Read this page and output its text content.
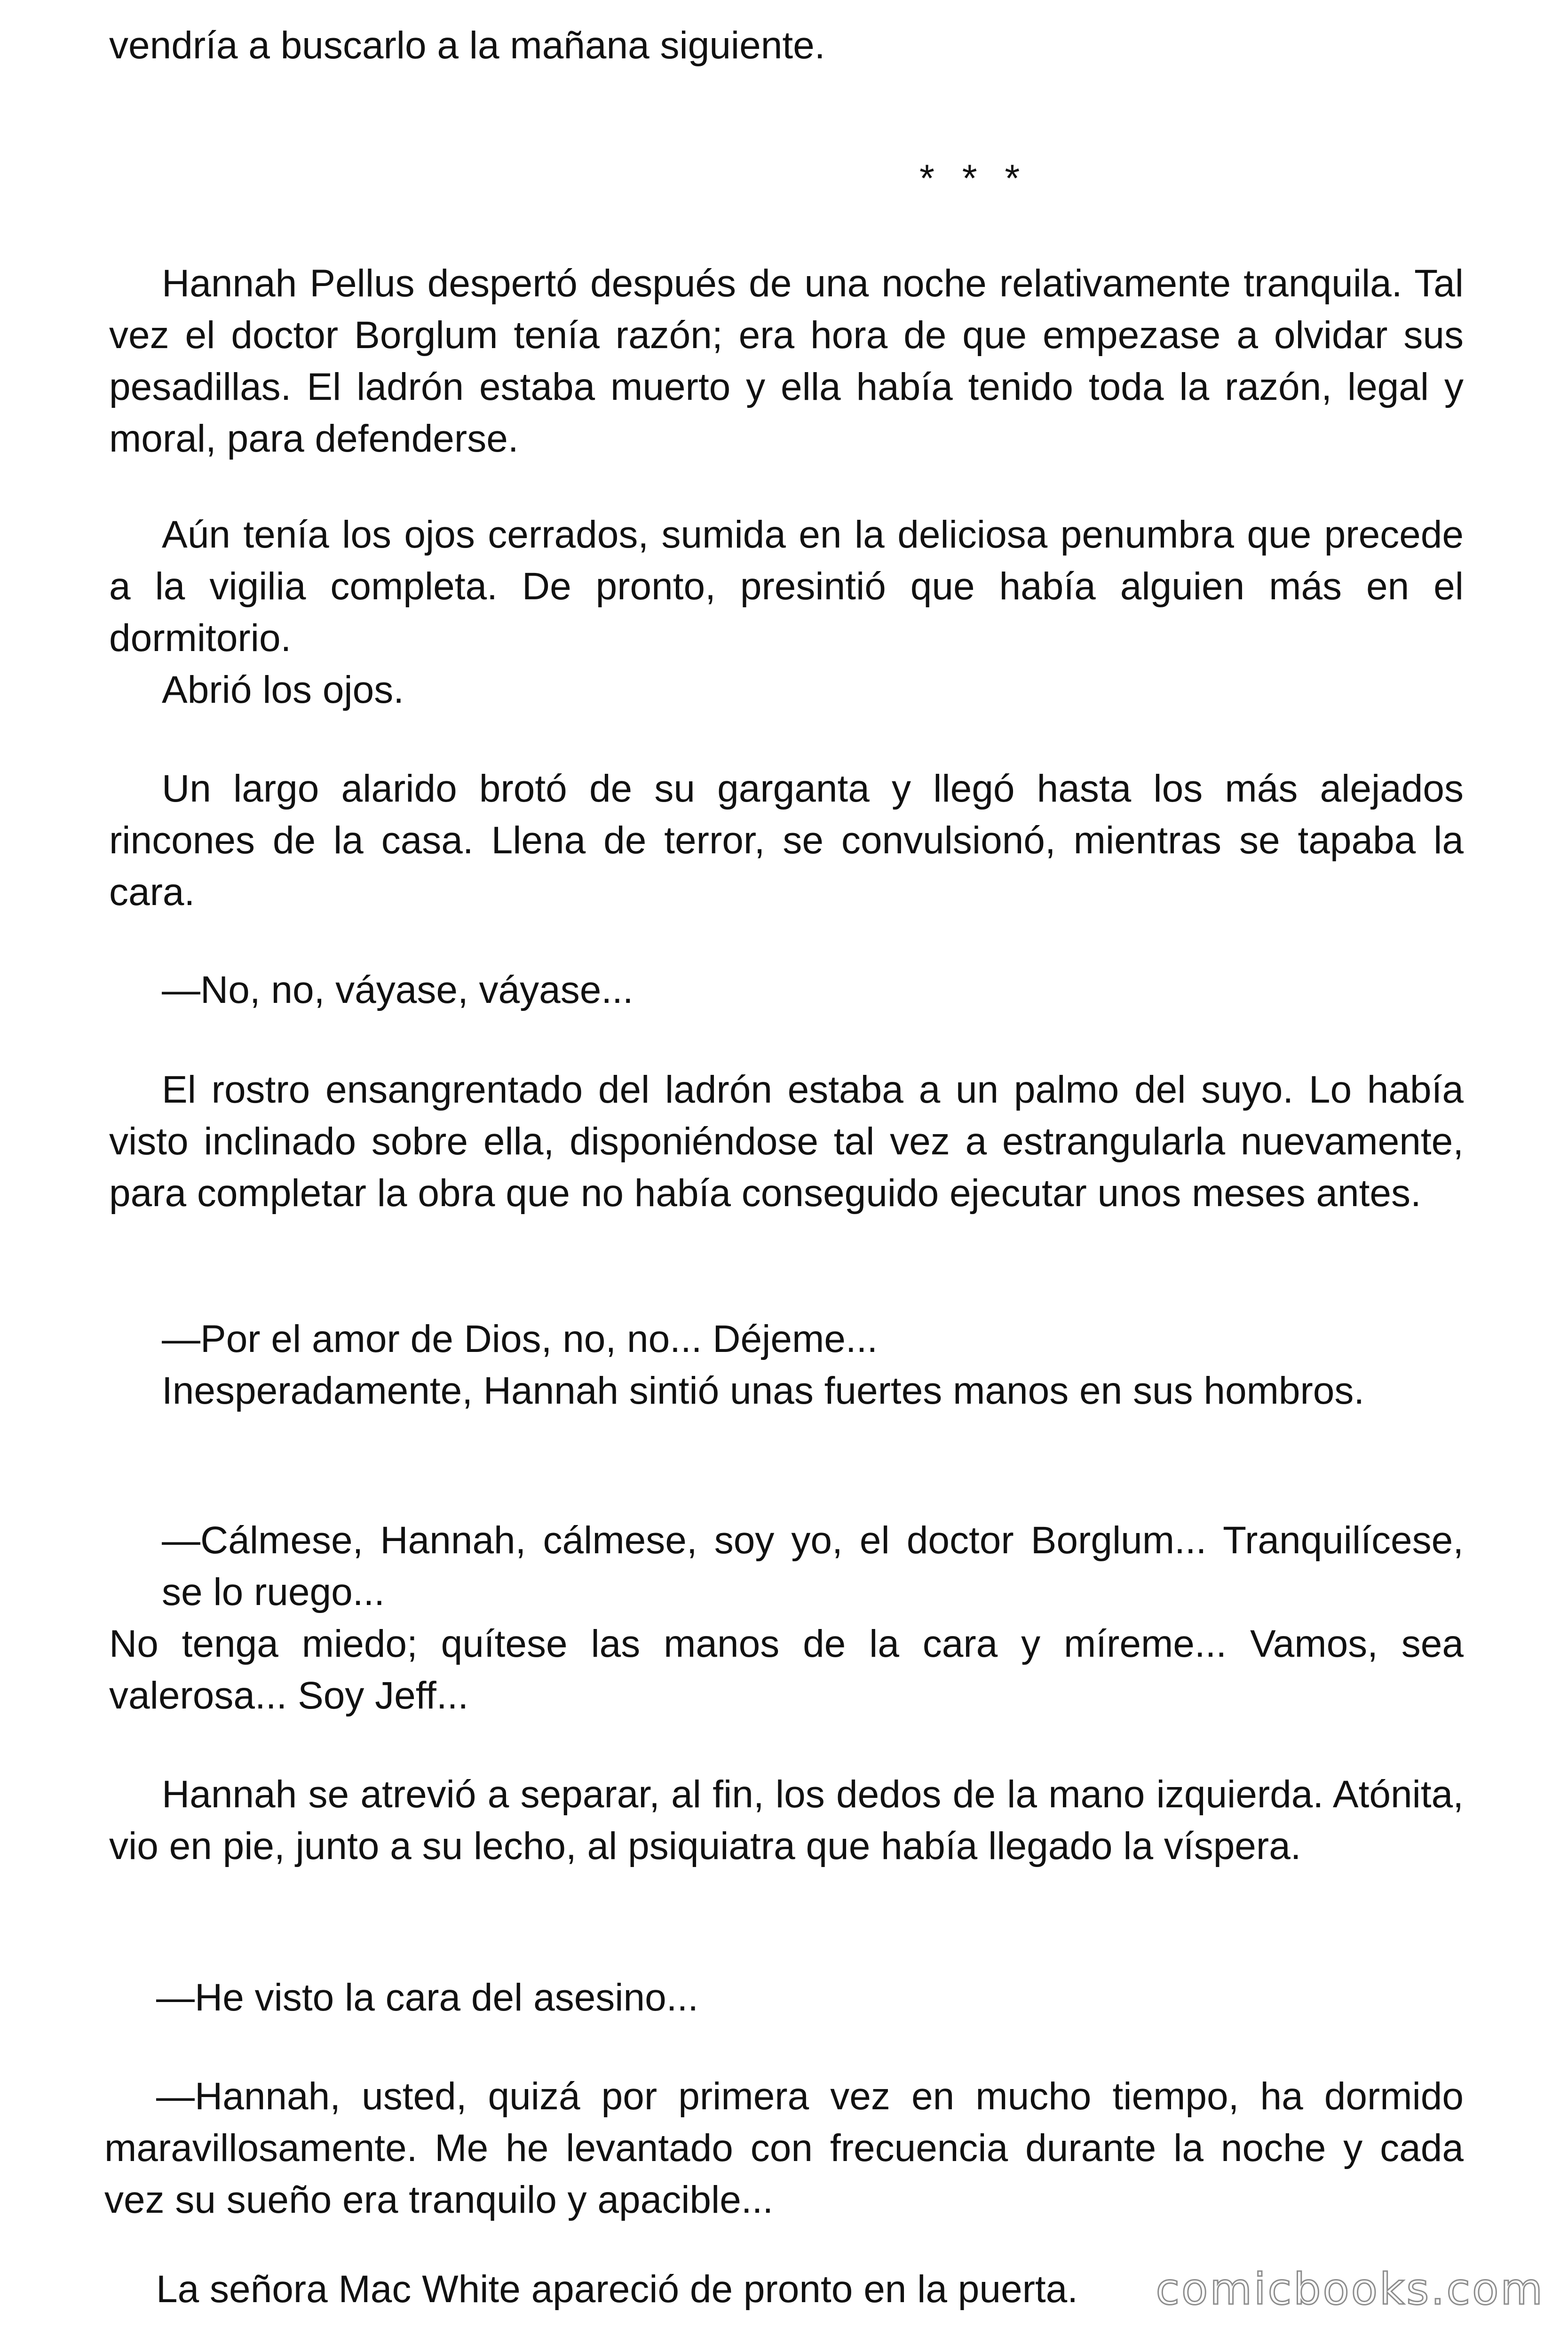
vendría a buscarlo a la mañana siguiente.

* * *

Hannah Pellus despertó después de una noche relativamente tranquila. Tal vez el doctor Borglum tenía razón; era hora de que empezase a olvidar sus pesadillas. El ladrón estaba muerto y ella había tenido toda la razón, legal y moral, para defenderse.

Aún tenía los ojos cerrados, sumida en la deliciosa penumbra que precede a la vigilia completa. De pronto, presintió que había alguien más en el dormitorio.

Abrió los ojos.

Un largo alarido brotó de su garganta y llegó hasta los más alejados rincones de la casa. Llena de terror, se convulsionó, mientras se tapaba la cara.

—No, no, váyase, váyase...

El rostro ensangrentado del ladrón estaba a un palmo del suyo. Lo había visto inclinado sobre ella, disponiéndose tal vez a estrangularla nuevamente, para completar la obra que no había conseguido ejecutar unos meses antes.

—Por el amor de Dios, no, no... Déjeme...

Inesperadamente, Hannah sintió unas fuertes manos en sus hombros.

—Cálmese, Hannah, cálmese, soy yo, el doctor Borglum... Tranquilícese, se lo ruego...

No tenga miedo; quítese las manos de la cara y míreme... Vamos, sea valerosa... Soy Jeff...

Hannah se atrevió a separar, al fin, los dedos de la mano izquierda. Atónita, vio en pie, junto a su lecho, al psiquiatra que había llegado la víspera.

—He visto la cara del asesino...

—Hannah, usted, quizá por primera vez en mucho tiempo, ha dormido maravillosamente. Me he levantado con frecuencia durante la noche y cada vez su sueño era tranquilo y apacible...

La señora Mac White apareció de pronto en la puerta. comicbooks.com
